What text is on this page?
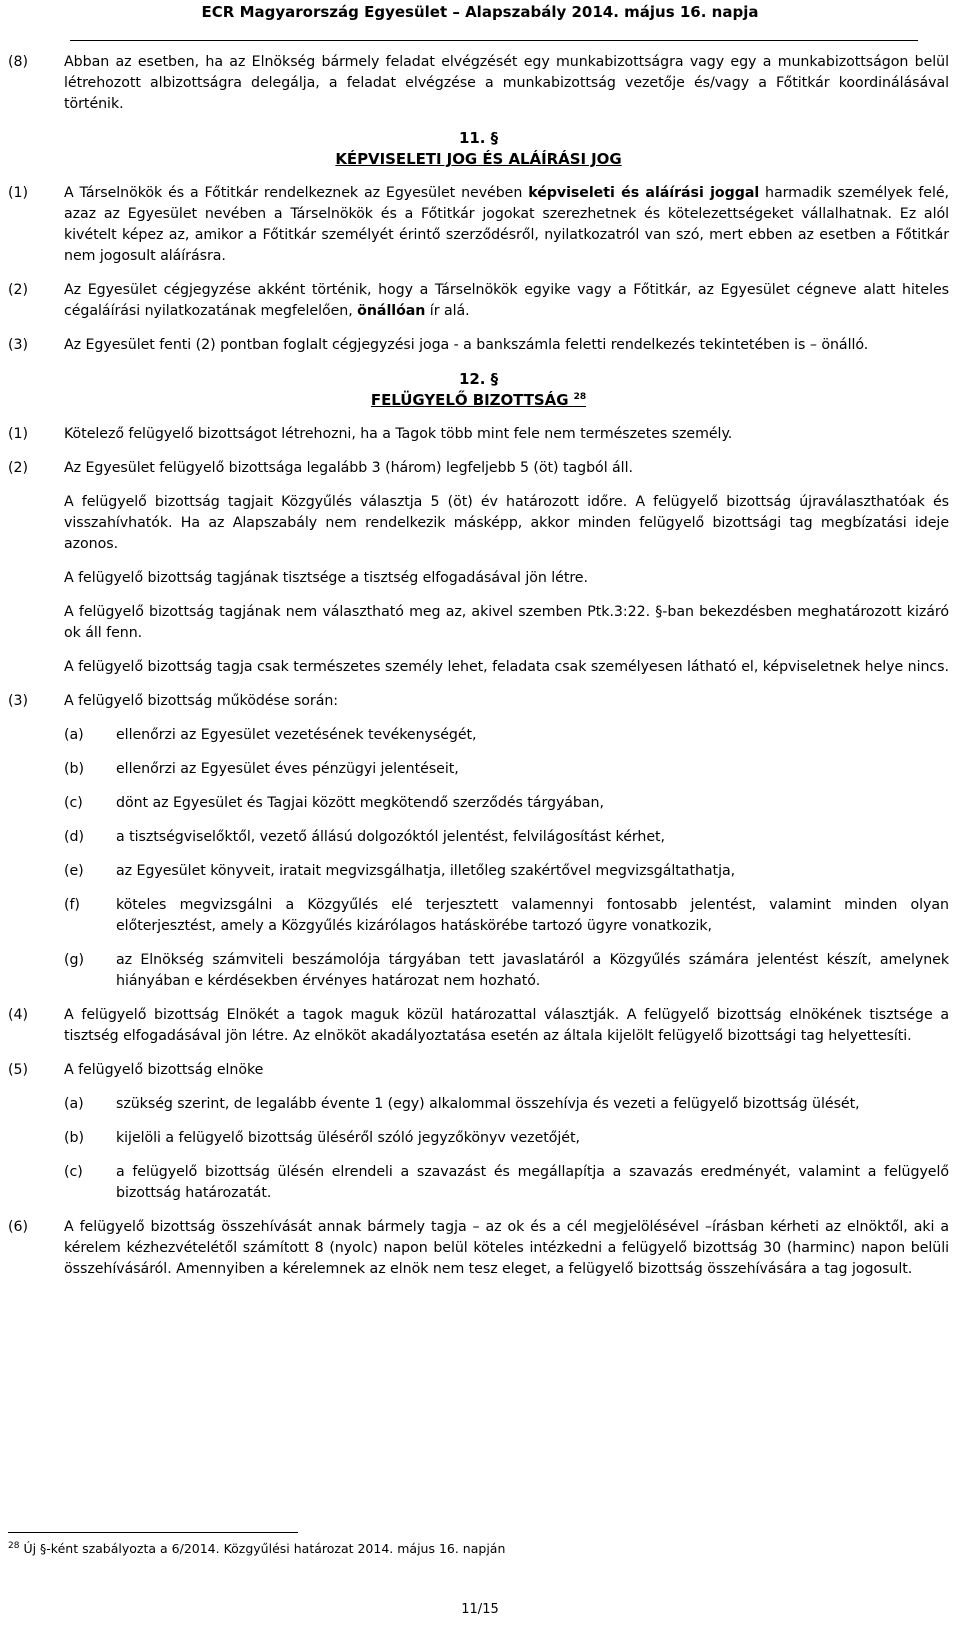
ECR Magyarország Egyesület – Alapszabály 2014. május 16. napja
(8)	Abban az esetben, ha az Elnökség bármely feladat elvégzését egy munkabizottságra vagy egy a munkabizottságon belül létrehozott albizottságra delegálja, a feladat elvégzése a munkabizottság vezetője és/vagy a Főtitkár koordinálásával történik.
11. §
KÉPVISELETI JOG ÉS ALÁÍRÁSI JOG
(1)	A Társelnökök és a Főtitkár rendelkeznek az Egyesület nevében képviseleti és aláírási joggal harmadik személyek felé, azaz az Egyesület nevében a Társelnökök és a Főtitkár jogokat szerezhetnek és kötelezettségeket vállalhatnak. Ez alól kivételt képez az, amikor a Főtitkár személyét érintő szerződésről, nyilatkozatról van szó, mert ebben az esetben a Főtitkár nem jogosult aláírásra.
(2)	Az Egyesület cégjegyzése akként történik, hogy a Társelnökök egyike vagy a Főtitkár, az Egyesület cégneve alatt hiteles cégaláírási nyilatkozatának megfelelően, önállóan ír alá.
(3)	Az Egyesület fenti (2) pontban foglalt cégjegyzési joga - a bankszámla feletti rendelkezés tekintetében is – önálló.
12. §
FELÜGYELŐ BIZOTTSÁG $^{28}$
(1)	Kötelező felügyelő bizottságot létrehozni, ha a Tagok több mint fele nem természetes személy.
(2)	Az Egyesület felügyelő bizottsága legalább 3 (három) legfeljebb 5 (öt) tagból áll.

A felügyelő bizottság tagjait Közgyűlés választja 5 (öt) év határozott időre. A felügyelő bizottság újraválaszthatóak és visszahívhatók. Ha az Alapszabály nem rendelkezik másképp, akkor minden felügyelő bizottsági tag megbízatási ideje azonos.

A felügyelő bizottság tagjának tisztsége a tisztség elfogadásával jön létre.

A felügyelő bizottság tagjának nem választható meg az, akivel szemben Ptk.3:22. §-ban bekezdésben meghatározott kizáró ok áll fenn.

A felügyelő bizottság tagja csak természetes személy lehet, feladata csak személyesen látható el, képviseletnek helye nincs.

(3)	A felügyelő bizottság működése során:
(a)	ellenőrzi az Egyesület vezetésének tevékenységét,
(b)	ellenőrzi az Egyesület éves pénzügyi jelentéseit,
(c)	dönt az Egyesület és Tagjai között megkötendő szerződés tárgyában,
(d)	a tisztségviselőktől, vezető állású dolgozóktól jelentést, felvilágosítást kérhet,
(e)	az Egyesület könyveit, iratait megvizsgálhatja, illetőleg szakértővel megvizsgáltathatja,
(f)	köteles megvizsgálni a Közgyűlés elé terjesztett valamennyi fontosabb jelentést, valamint minden olyan előterjesztést, amely a Közgyűlés kizárólagos hatáskörébe tartozó ügyre vonatkozik,
(g)	az Elnökség számviteli beszámolója tárgyában tett javaslatáról a Közgyűlés számára jelentést készít, amelynek hiányában e kérdésekben érvényes határozat nem hozható.
(4)	A felügyelő bizottság Elnökét a tagok maguk közül határozattal választják. A felügyelő bizottság elnökének tisztsége a tisztség elfogadásával jön létre. Az elnököt akadályoztatása esetén az általa kijelölt felügyelő bizottsági tag helyettesíti.
(5)	A felügyelő bizottság elnöke
(a)	szükség szerint, de legalább évente 1 (egy) alkalommal összehívja és vezeti a felügyelő bizottság ülését,
(b)	kijelöli a felügyelő bizottság üléséről szóló jegyzőkönyv vezetőjét,
(c)	a felügyelő bizottság ülésén elrendeli a szavazást és megállapítja a szavazás eredményét, valamint a felügyelő bizottság határozatát.
(6)	A felügyelő bizottság összehívását annak bármely tagja – az ok és a cél megjelölésével –írásban kérheti az elnöktől, aki a kérelem kézhezvételétől számított 8 (nyolc) napon belül köteles intézkedni a felügyelő bizottság 30 (harminc) napon belüli összehívásáról. Amennyiben a kérelemnek az elnök nem tesz eleget, a felügyelő bizottság összehívására a tag jogosult.
$^{28}$ Új §-ként szabályozta a 6/2014. Közgyűlési határozat 2014. május 16. napján
11/15
